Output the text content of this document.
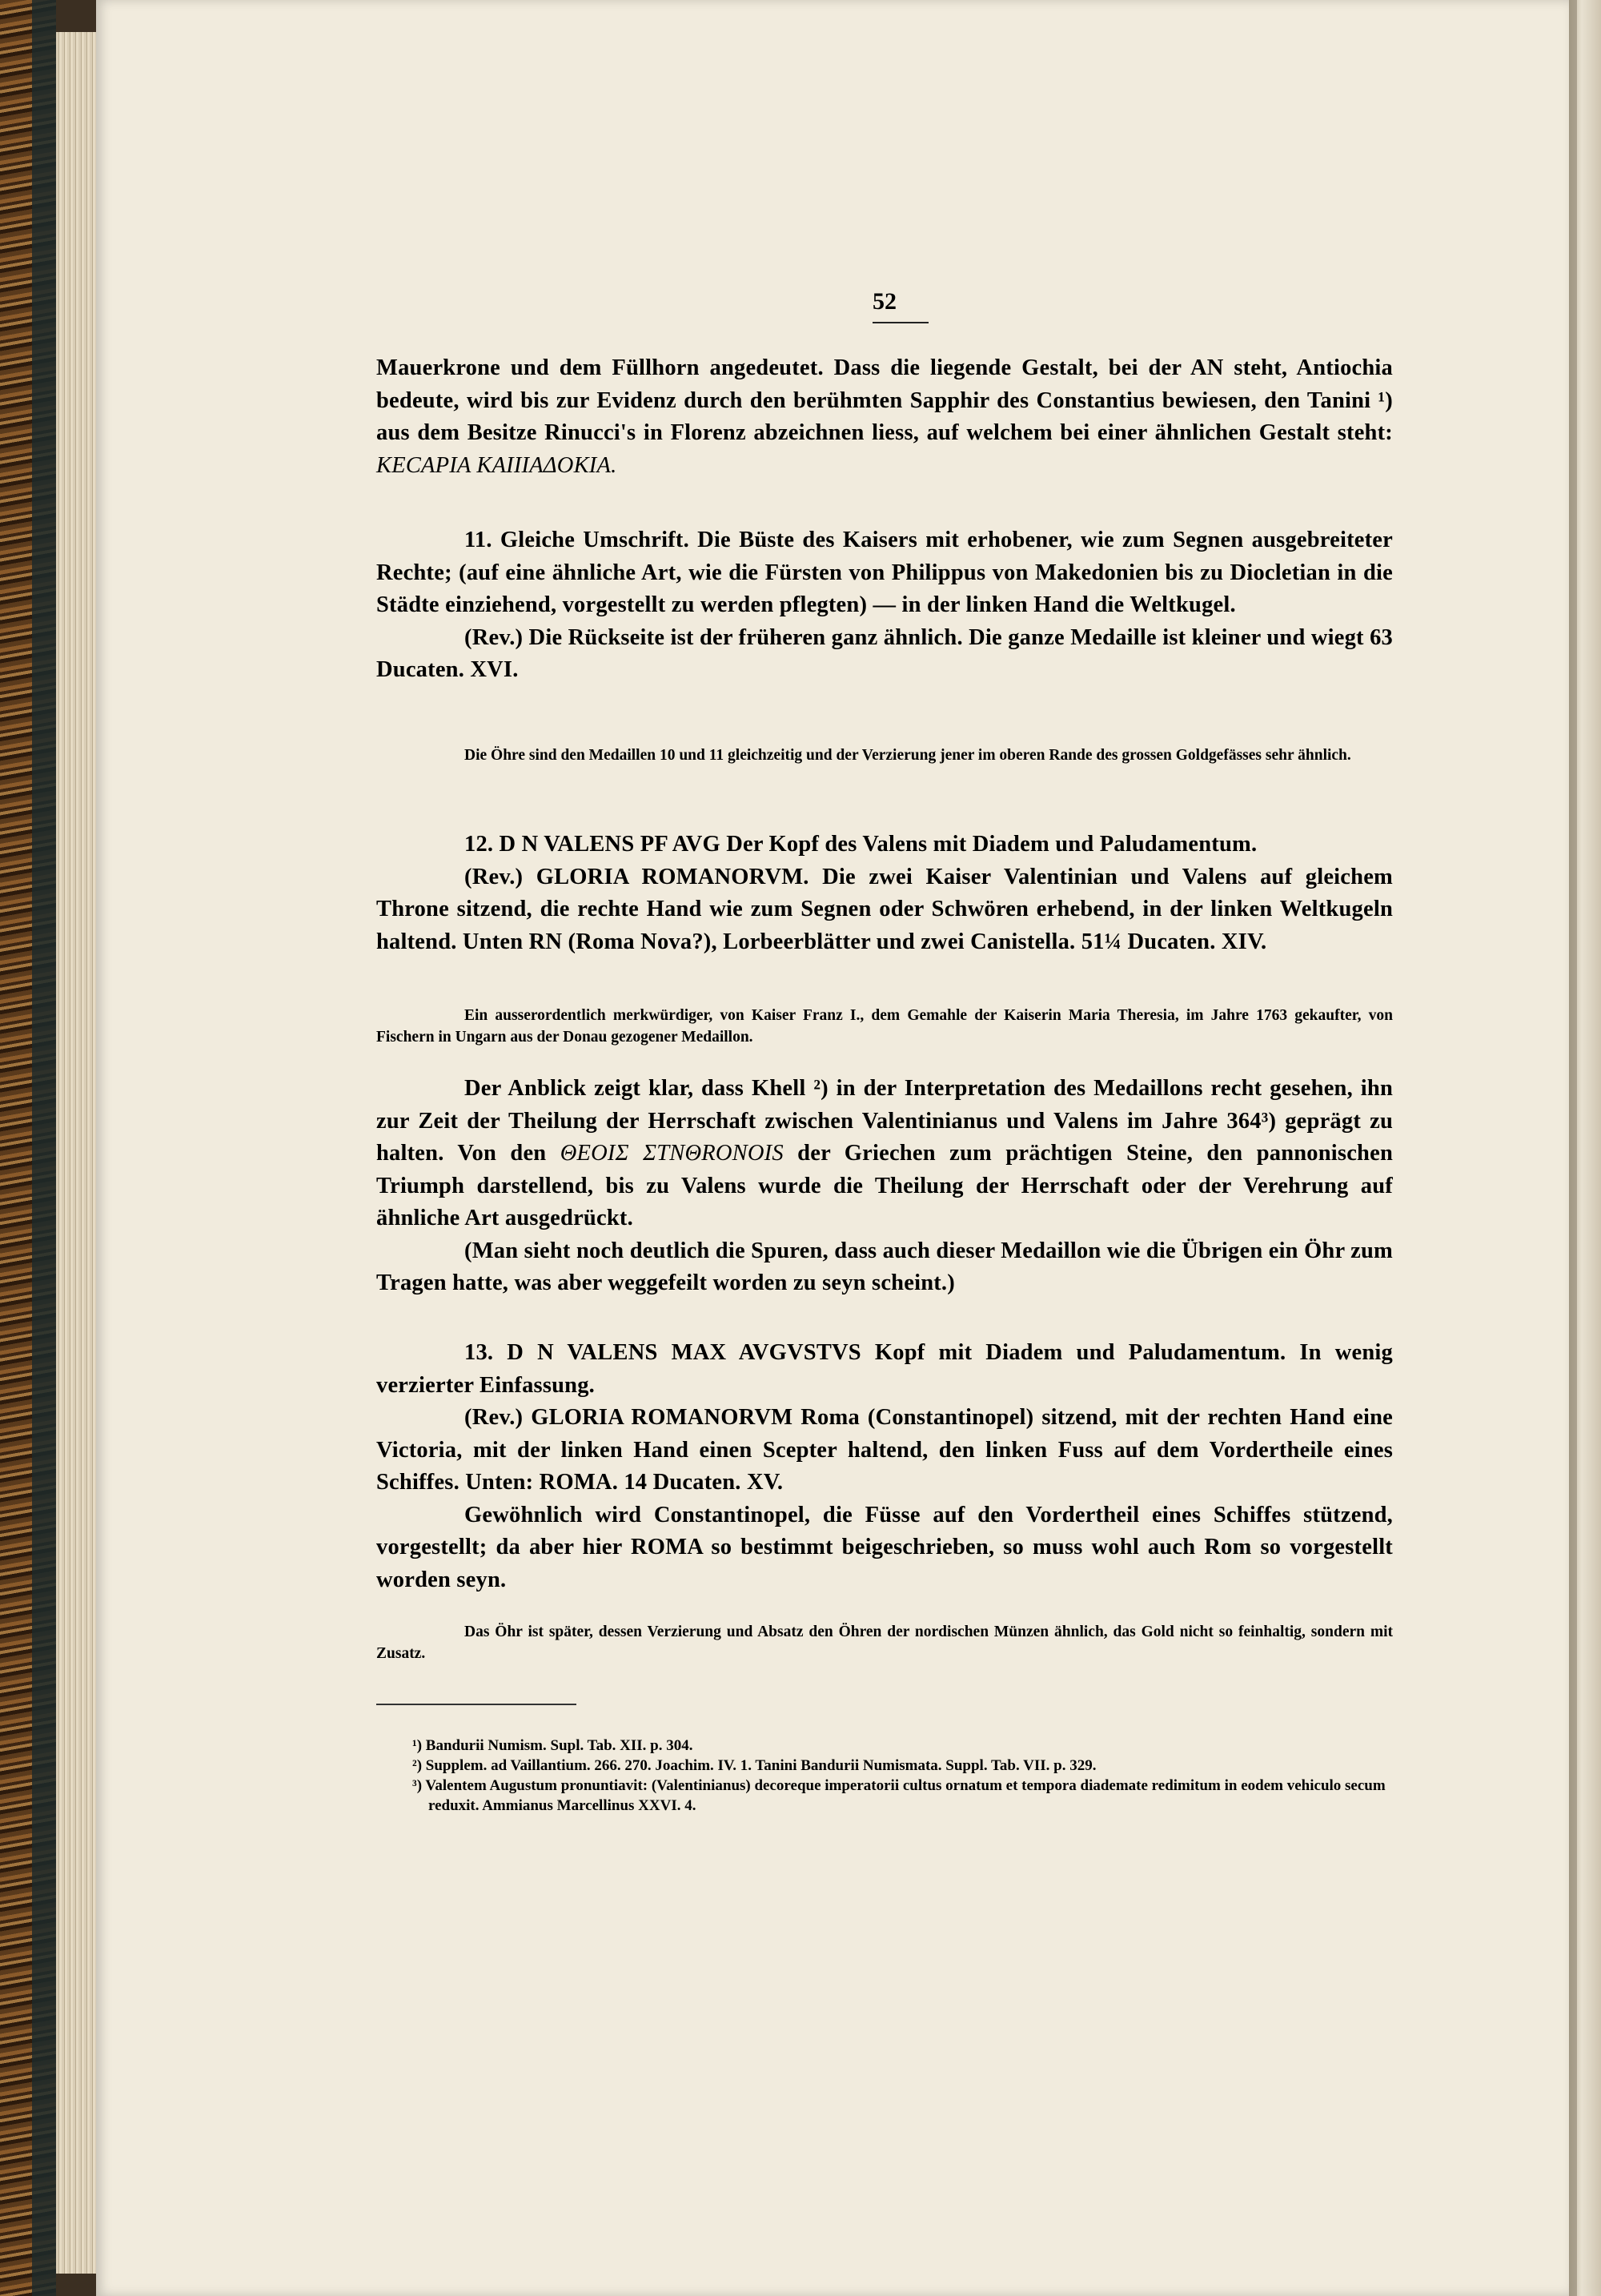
52

Mauerkrone und dem Füllhorn angedeutet. Dass die liegende Gestalt, bei der AN steht, Antiochia bedeute, wird bis zur Evidenz durch den berühmten Sapphir des Constantius bewiesen, den Tanini ¹) aus dem Besitze Rinucci's in Florenz abzeichnen liess, auf welchem bei einer ähnlichen Gestalt steht: KECAPIA KAIIIAΔOKIA.

11. Gleiche Umschrift. Die Büste des Kaisers mit erhobener, wie zum Segnen ausgebreiteter Rechte; (auf eine ähnliche Art, wie die Fürsten von Philippus von Makedonien bis zu Diocletian in die Städte einziehend, vorgestellt zu werden pflegten) — in der linken Hand die Weltkugel.

(Rev.) Die Rückseite ist der früheren ganz ähnlich. Die ganze Medaille ist kleiner und wiegt 63 Ducaten. XVI.

Die Öhre sind den Medaillen 10 und 11 gleichzeitig und der Verzierung jener im oberen Rande des grossen Goldgefässes sehr ähnlich.

12. D N VALENS PF AVG Der Kopf des Valens mit Diadem und Paludamentum.

(Rev.) GLORIA ROMANORVM. Die zwei Kaiser Valentinian und Valens auf gleichem Throne sitzend, die rechte Hand wie zum Segnen oder Schwören erhebend, in der linken Weltkugeln haltend. Unten RN (Roma Nova?), Lorbeerblätter und zwei Canistella. 51¼ Ducaten. XIV.

Ein ausserordentlich merkwürdiger, von Kaiser Franz I., dem Gemahle der Kaiserin Maria Theresia, im Jahre 1763 gekaufter, von Fischern in Ungarn aus der Donau gezogener Medaillon.

Der Anblick zeigt klar, dass Khell ²) in der Interpretation des Medaillons recht gesehen, ihn zur Zeit der Theilung der Herrschaft zwischen Valentinianus und Valens im Jahre 364³) geprägt zu halten. Von den ΘEOIΣ ΣTNΘRONOIS der Griechen zum prächtigen Steine, den pannonischen Triumph darstellend, bis zu Valens wurde die Theilung der Herrschaft oder der Verehrung auf ähnliche Art ausgedrückt.

(Man sieht noch deutlich die Spuren, dass auch dieser Medaillon wie die Übrigen ein Öhr zum Tragen hatte, was aber weggefeilt worden zu seyn scheint.)

13. D N VALENS MAX AVGVSTVS Kopf mit Diadem und Paludamentum. In wenig verzierter Einfassung.

(Rev.) GLORIA ROMANORVM Roma (Constantinopel) sitzend, mit der rechten Hand eine Victoria, mit der linken Hand einen Scepter haltend, den linken Fuss auf dem Vordertheile eines Schiffes. Unten: ROMA. 14 Ducaten. XV.

Gewöhnlich wird Constantinopel, die Füsse auf den Vordertheil eines Schiffes stützend, vorgestellt; da aber hier ROMA so bestimmt beigeschrieben, so muss wohl auch Rom so vorgestellt worden seyn.

Das Öhr ist später, dessen Verzierung und Absatz den Öhren der nordischen Münzen ähnlich, das Gold nicht so feinhaltig, sondern mit Zusatz.

¹) Bandurii Numism. Supl. Tab. XII. p. 304.

²) Supplem. ad Vaillantium. 266. 270. Joachim. IV. 1. Tanini Bandurii Numismata. Suppl. Tab. VII. p. 329.

³) Valentem Augustum pronuntiavit: (Valentinianus) decoreque imperatorii cultus ornatum et tempora diademate redimitum in eodem vehiculo secum reduxit. Ammianus Marcellinus XXVI. 4.
